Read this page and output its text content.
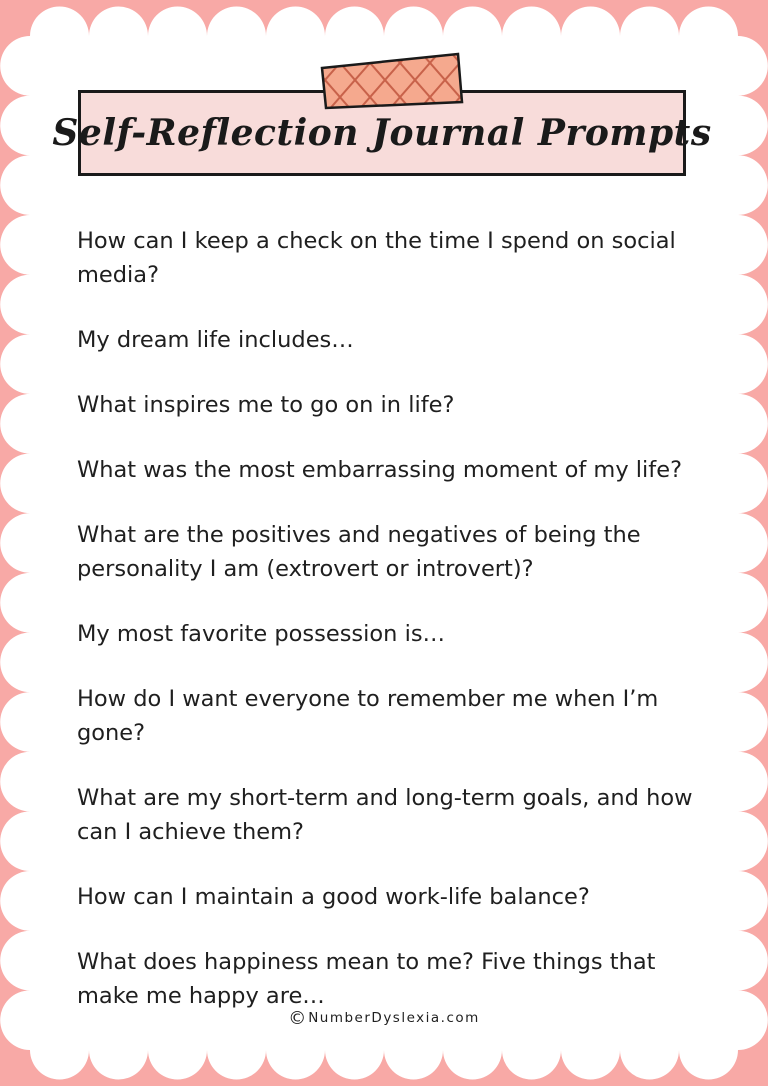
Self-Reflection Journal Prompts
How can I keep a check on the time I spend on social media?
My dream life includes…
What inspires me to go on in life?
What was the most embarrassing moment of my life?
What are the positives and negatives of being the personality I am (extrovert or introvert)?
My most favorite possession is…
How do I want everyone to remember me when I’m gone?
What are my short-term and long-term goals, and how can I achieve them?
How can I maintain a good work-life balance?
What does happiness mean to me? Five things that make me happy are…
© NumberDyslexia.com
